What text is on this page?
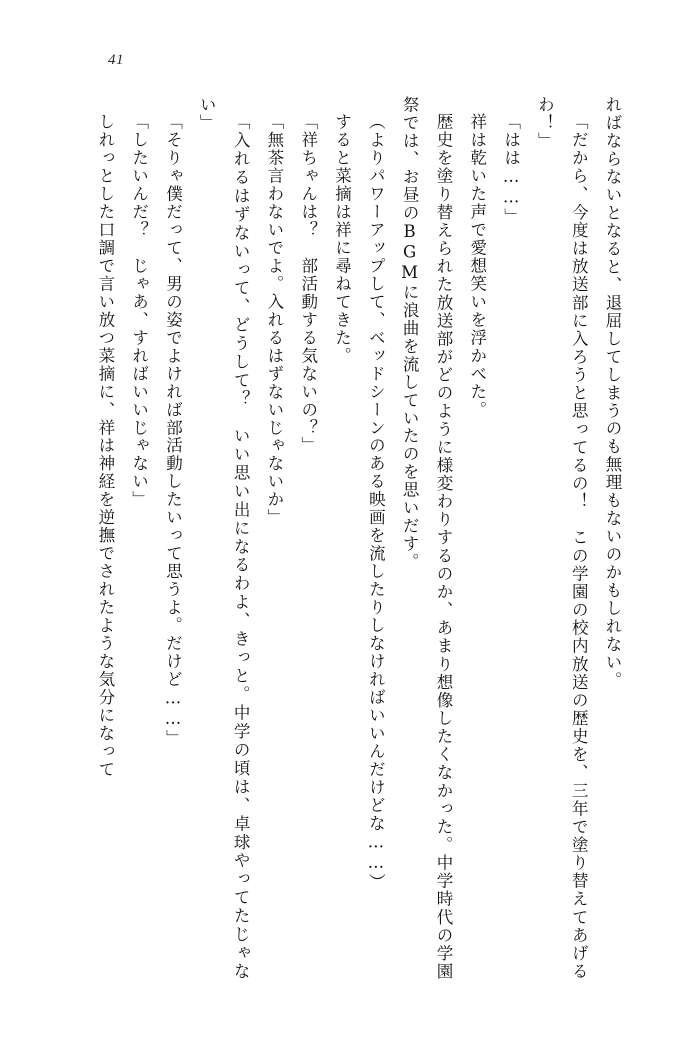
41

ればならないとなると、退屈してしまうのも無理もないのかもしれない。

「だから、今度は放送部に入ろうと思ってるの！　この学園の校内放送の歴史を、三年で塗り替えてあげるわ！」

「はは……」

祥は乾いた声で愛想笑いを浮かべた。

歴史を塗り替えられた放送部がどのように様変わりするのか、あまり想像したくなかった。中学時代の学園祭では、お昼のBGMに浪曲を流していたのを思いだす。

（よりパワーアップして、ベッドシーンのある映画を流したりしなければいいんだけどな……）

すると菜摘は祥に尋ねてきた。

「祥ちゃんは？　部活動する気ないの？」

「無茶言わないでよ。入れるはずないじゃないか」

「入れるはずないって、どうして？　いい思い出になるわよ、きっと。中学の頃は、卓球やってたじゃない」

「そりゃ僕だって、男の姿でよければ部活動したいって思うよ。だけど……」

「したいんだ？　じゃあ、すればいいじゃない」

しれっとした口調で言い放つ菜摘に、祥は神経を逆撫でされたような気分になって
